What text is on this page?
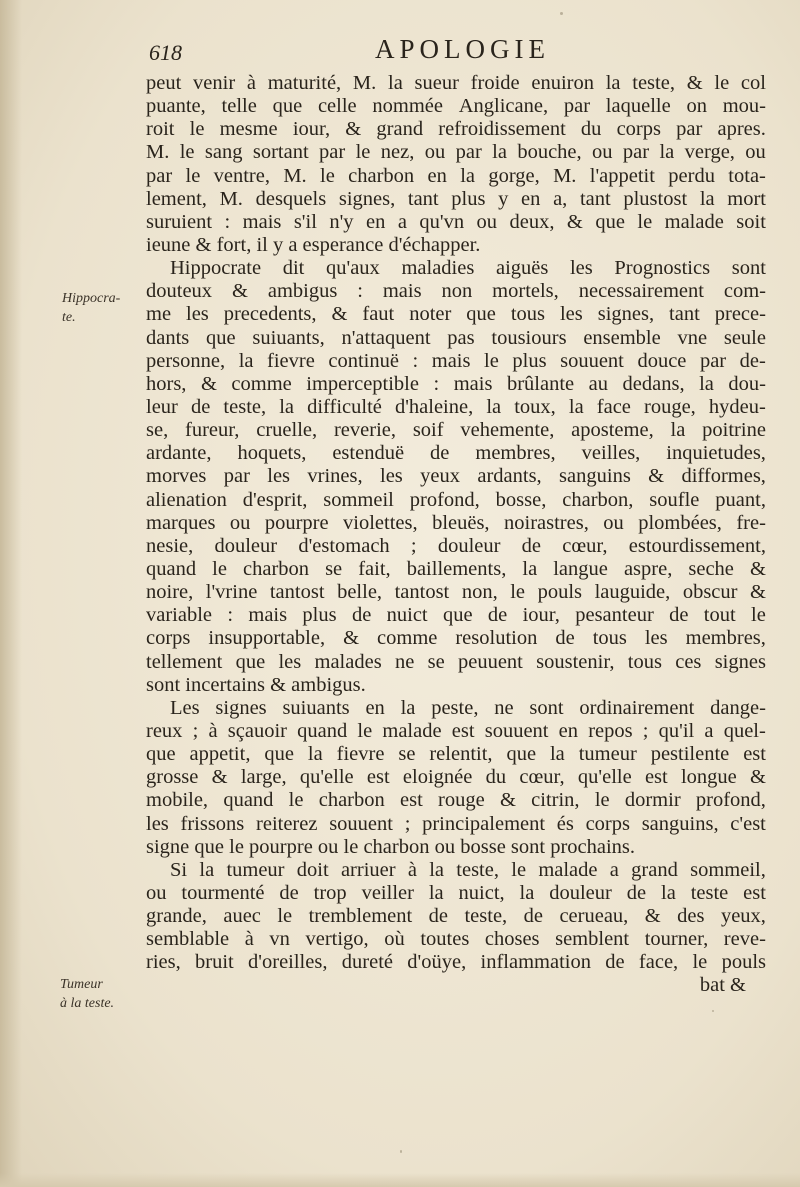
618	APOLOGIE
Hippocra-
te.
Tumeur
à la teste.
peut venir à maturité, M. la sueur froide enuiron la teste, & le col
puante, telle que celle nommée Anglicane, par laquelle on mou-
roit le mesme iour, & grand refroidissement du corps par apres.
M. le sang sortant par le nez, ou par la bouche, ou par la verge, ou
par le ventre, M. le charbon en la gorge, M. l'appetit perdu tota-
lement, M. desquels signes, tant plus y en a, tant plustost la mort
suruient : mais s'il n'y en a qu'vn ou deux, & que le malade soit
ieune & fort, il y a esperance d'échapper.
Hippocrate dit qu'aux maladies aiguës les Prognostics sont
douteux & ambigus : mais non mortels, necessairement com-
me les precedents, & faut noter que tous les signes, tant prece-
dants que suiuants, n'attaquent pas tousiours ensemble vne seule
personne, la fievre continuë : mais le plus souuent douce par de-
hors, & comme imperceptible : mais brûlante au dedans, la dou-
leur de teste, la difficulté d'haleine, la toux, la face rouge, hydeu-
se, fureur, cruelle, reverie, soif vehemente, aposteme, la poitrine
ardante, hoquets, estenduë de membres, veilles, inquietudes,
morves par les vrines, les yeux ardants, sanguins & difformes,
alienation d'esprit, sommeil profond, bosse, charbon, soufle puant,
marques ou pourpre violettes, bleuës, noirastres, ou plombées, fre-
nesie, douleur d'estomach ; douleur de cœur, estourdissement,
quand le charbon se fait, baillements, la langue aspre, seche &
noire, l'vrine tantost belle, tantost non, le pouls lauguide, obscur &
variable : mais plus de nuict que de iour, pesanteur de tout le
corps insupportable, & comme resolution de tous les membres,
tellement que les malades ne se peuuent soustenir, tous ces signes
sont incertains & ambigus.
Les signes suiuants en la peste, ne sont ordinairement dange-
reux ; à sçauoir quand le malade est souuent en repos ; qu'il a quel-
que appetit, que la fievre se relentit, que la tumeur pestilente est
grosse & large, qu'elle est eloignée du cœur, qu'elle est longue &
mobile, quand le charbon est rouge & citrin, le dormir profond,
les frissons reiterez souuent ; principalement és corps sanguins, c'est
signe que le pourpre ou le charbon ou bosse sont prochains.
Si la tumeur doit arriuer à la teste, le malade a grand sommeil,
ou tourmenté de trop veiller la nuict, la douleur de la teste est
grande, auec le tremblement de teste, de cerueau, & des yeux,
semblable à vn vertigo, où toutes choses semblent tourner, reve-
ries, bruit d'oreilles, dureté d'oüye, inflammation de face, le pouls
bat &
